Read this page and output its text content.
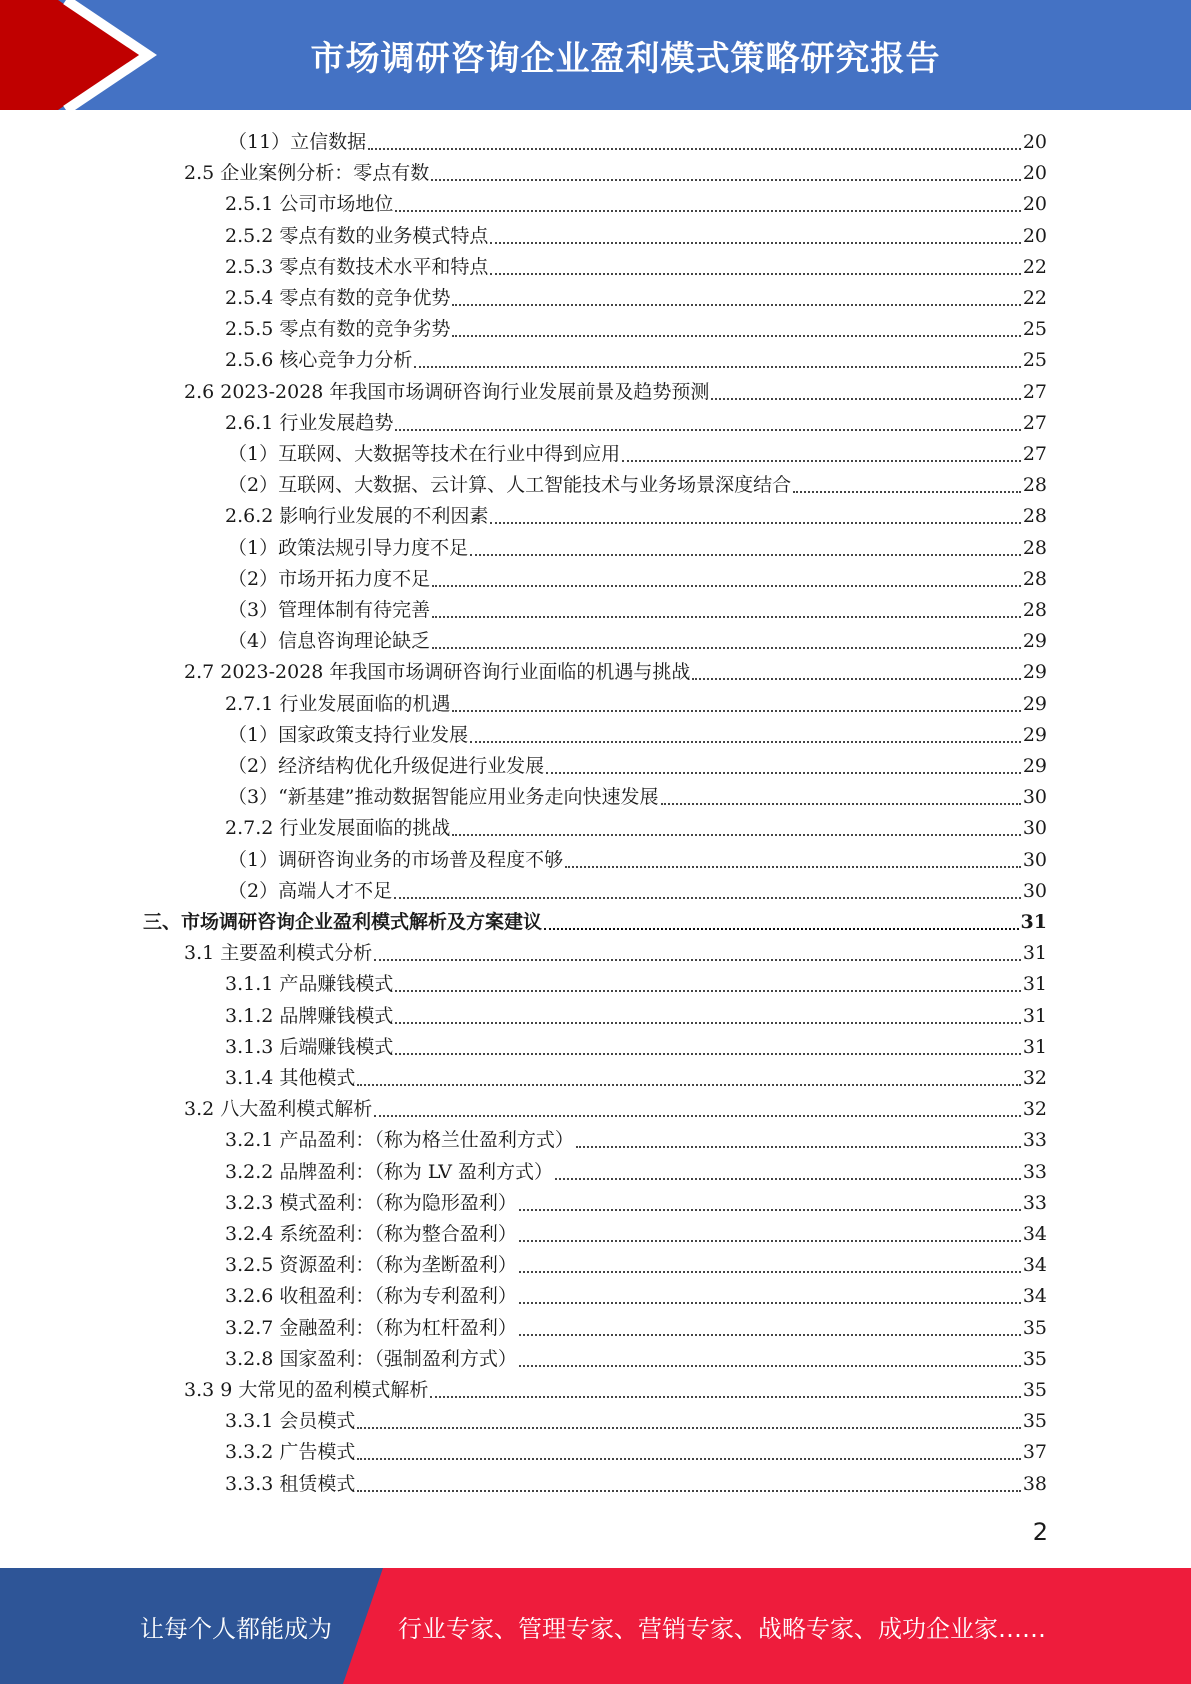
市场调研咨询企业盈利模式策略研究报告
（11）立信数据	20
2.5 企业案例分析：零点有数	20
2.5.1 公司市场地位	20
2.5.2 零点有数的业务模式特点	20
2.5.3 零点有数技术水平和特点	22
2.5.4 零点有数的竞争优势	22
2.5.5 零点有数的竞争劣势	25
2.5.6 核心竞争力分析	25
2.6 2023-2028 年我国市场调研咨询行业发展前景及趋势预测	27
2.6.1 行业发展趋势	27
（1）互联网、大数据等技术在行业中得到应用	27
（2）互联网、大数据、云计算、人工智能技术与业务场景深度结合	28
2.6.2 影响行业发展的不利因素	28
（1）政策法规引导力度不足	28
（2）市场开拓力度不足	28
（3）管理体制有待完善	28
（4）信息咨询理论缺乏	29
2.7 2023-2028 年我国市场调研咨询行业面临的机遇与挑战	29
2.7.1 行业发展面临的机遇	29
（1）国家政策支持行业发展	29
（2）经济结构优化升级促进行业发展	29
（3）“新基建”推动数据智能应用业务走向快速发展	30
2.7.2 行业发展面临的挑战	30
（1）调研咨询业务的市场普及程度不够	30
（2）高端人才不足	30
三、市场调研咨询企业盈利模式解析及方案建议	31
3.1 主要盈利模式分析	31
3.1.1 产品赚钱模式	31
3.1.2 品牌赚钱模式	31
3.1.3 后端赚钱模式	31
3.1.4 其他模式	32
3.2 八大盈利模式解析	32
3.2.1 产品盈利：（称为格兰仕盈利方式）	33
3.2.2 品牌盈利：（称为 LV 盈利方式）	33
3.2.3 模式盈利：（称为隐形盈利）	33
3.2.4 系统盈利：（称为整合盈利）	34
3.2.5 资源盈利：（称为垄断盈利）	34
3.2.6 收租盈利：（称为专利盈利）	34
3.2.7 金融盈利：（称为杠杆盈利）	35
3.2.8 国家盈利：（强制盈利方式）	35
3.3 9 大常见的盈利模式解析	35
3.3.1 会员模式	35
3.3.2 广告模式	37
3.3.3 租赁模式	38
2
让每个人都能成为	行业专家、管理专家、营销专家、战略专家、成功企业家……
